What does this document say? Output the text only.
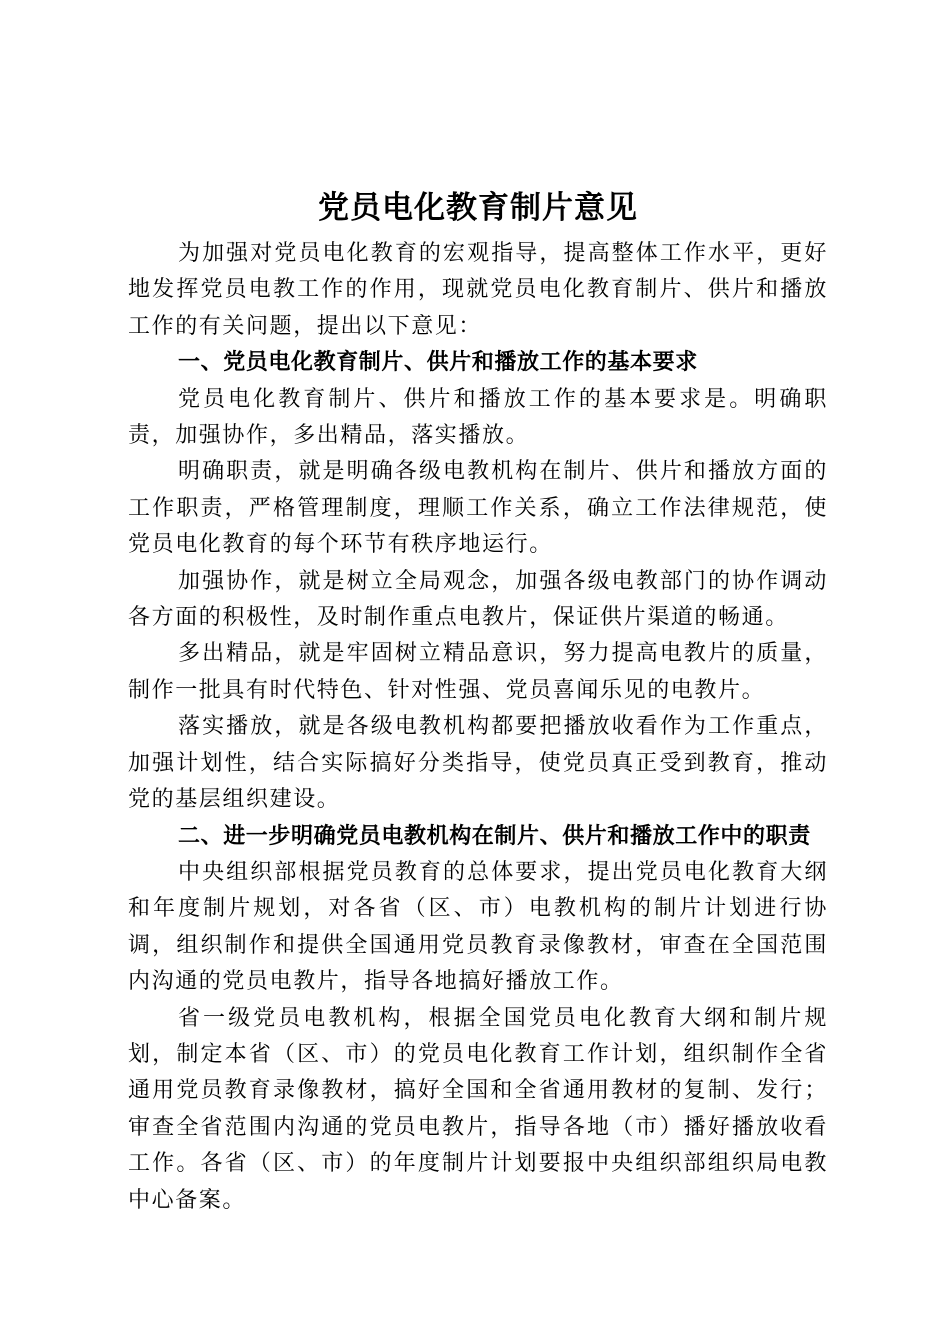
党员电化教育制片意见

为加强对党员电化教育的宏观指导，提高整体工作水平，更好地发挥党员电教工作的作用，现就党员电化教育制片、供片和播放工作的有关问题，提出以下意见：

一、党员电化教育制片、供片和播放工作的基本要求

党员电化教育制片、供片和播放工作的基本要求是。明确职责，加强协作，多出精品，落实播放。

明确职责，就是明确各级电教机构在制片、供片和播放方面的工作职责，严格管理制度，理顺工作关系，确立工作法律规范，使党员电化教育的每个环节有秩序地运行。

加强协作，就是树立全局观念，加强各级电教部门的协作调动各方面的积极性，及时制作重点电教片，保证供片渠道的畅通。

多出精品，就是牢固树立精品意识，努力提高电教片的质量，制作一批具有时代特色、针对性强、党员喜闻乐见的电教片。

落实播放，就是各级电教机构都要把播放收看作为工作重点，加强计划性，结合实际搞好分类指导，使党员真正受到教育，推动党的基层组织建设。

二、进一步明确党员电教机构在制片、供片和播放工作中的职责

中央组织部根据党员教育的总体要求，提出党员电化教育大纲和年度制片规划，对各省（区、市）电教机构的制片计划进行协调，组织制作和提供全国通用党员教育录像教材，审查在全国范围内沟通的党员电教片，指导各地搞好播放工作。

省一级党员电教机构，根据全国党员电化教育大纲和制片规划，制定本省（区、市）的党员电化教育工作计划，组织制作全省通用党员教育录像教材，搞好全国和全省通用教材的复制、发行；审查全省范围内沟通的党员电教片，指导各地（市）播好播放收看工作。各省（区、市）的年度制片计划要报中央组织部组织局电教中心备案。
